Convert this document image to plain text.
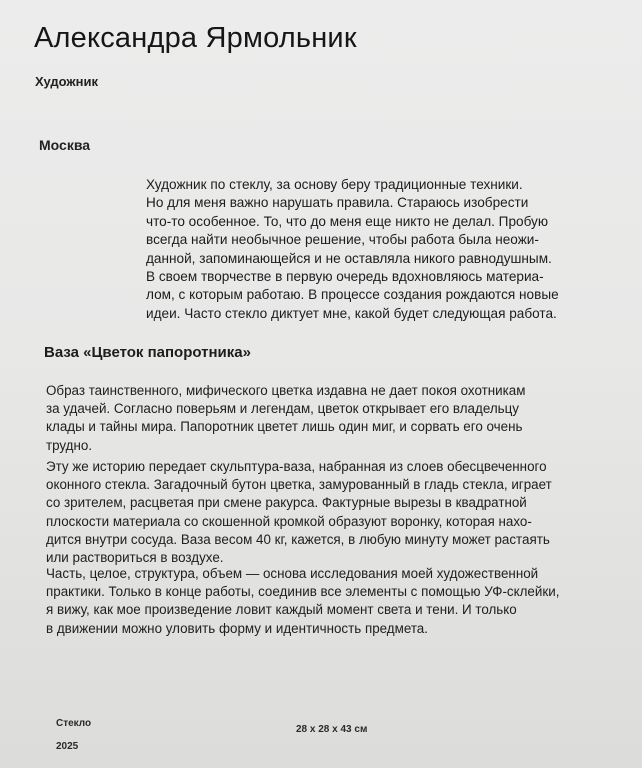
Александра Ярмольник
Художник
Москва

Художник по стеклу, за основу беру традиционные техники.
Но для меня важно нарушать правила. Стараюсь изобрести
что-то особенное. То, что до меня еще никто не делал. Пробую
всегда найти необычное решение, чтобы работа была неожи-
данной, запоминающейся и не оставляла никого равнодушным.
В своем творчестве в первую очередь вдохновляюсь материа-
лом, с которым работаю. В процессе создания рождаются новые
идеи. Часто стекло диктует мне, какой будет следующая работа.

Ваза «Цветок папоротника»

Образ таинственного, мифического цветка издавна не дает покоя охотникам
за удачей. Согласно поверьям и легендам, цветок открывает его владельцу
клады и тайны мира. Папоротник цветет лишь один миг, и сорвать его очень
трудно.

Эту же историю передает скульптура-ваза, набранная из слоев обесцвеченного
оконного стекла. Загадочный бутон цветка, замурованный в гладь стекла, играет
со зрителем, расцветая при смене ракурса. Фактурные вырезы в квадратной
плоскости материала со скошенной кромкой образуют воронку, которая нахо-
дится внутри сосуда. Ваза весом 40 кг, кажется, в любую минуту может растаять
или раствориться в воздухе.

Часть, целое, структура, объем — основа исследования моей художественной
практики. Только в конце работы, соединив все элементы с помощью УФ-склейки,
я вижу, как мое произведение ловит каждый момент света и тени. И только
в движении можно уловить форму и идентичность предмета.

Стекло
2025
28 х 28 х 43 см
